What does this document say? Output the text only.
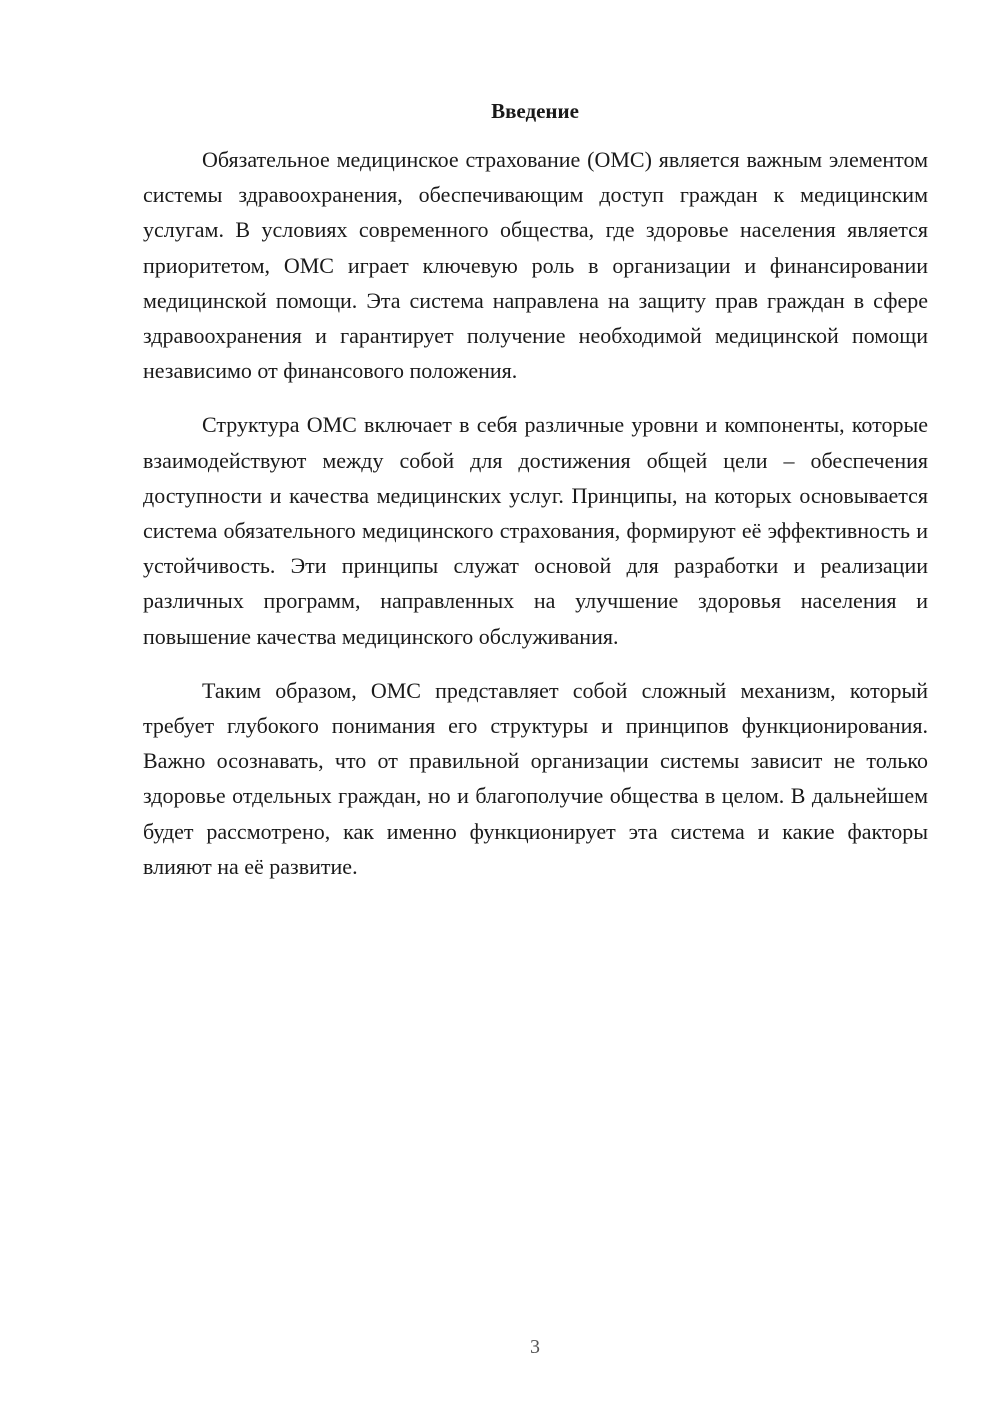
Введение

Обязательное медицинское страхование (ОМС) является важным элементом системы здравоохранения, обеспечивающим доступ граждан к медицинским услугам. В условиях современного общества, где здоровье населения является приоритетом, ОМС играет ключевую роль в организации и финансировании медицинской помощи. Эта система направлена на защиту прав граждан в сфере здравоохранения и гарантирует получение необходимой медицинской помощи независимо от финансового положения.

Структура ОМС включает в себя различные уровни и компоненты, которые взаимодействуют между собой для достижения общей цели – обеспечения доступности и качества медицинских услуг. Принципы, на которых основывается система обязательного медицинского страхования, формируют её эффективность и устойчивость. Эти принципы служат основой для разработки и реализации различных программ, направленных на улучшение здоровья населения и повышение качества медицинского обслуживания.

Таким образом, ОМС представляет собой сложный механизм, который требует глубокого понимания его структуры и принципов функционирования. Важно осознавать, что от правильной организации системы зависит не только здоровье отдельных граждан, но и благополучие общества в целом. В дальнейшем будет рассмотрено, как именно функционирует эта система и какие факторы влияют на её развитие.

3
